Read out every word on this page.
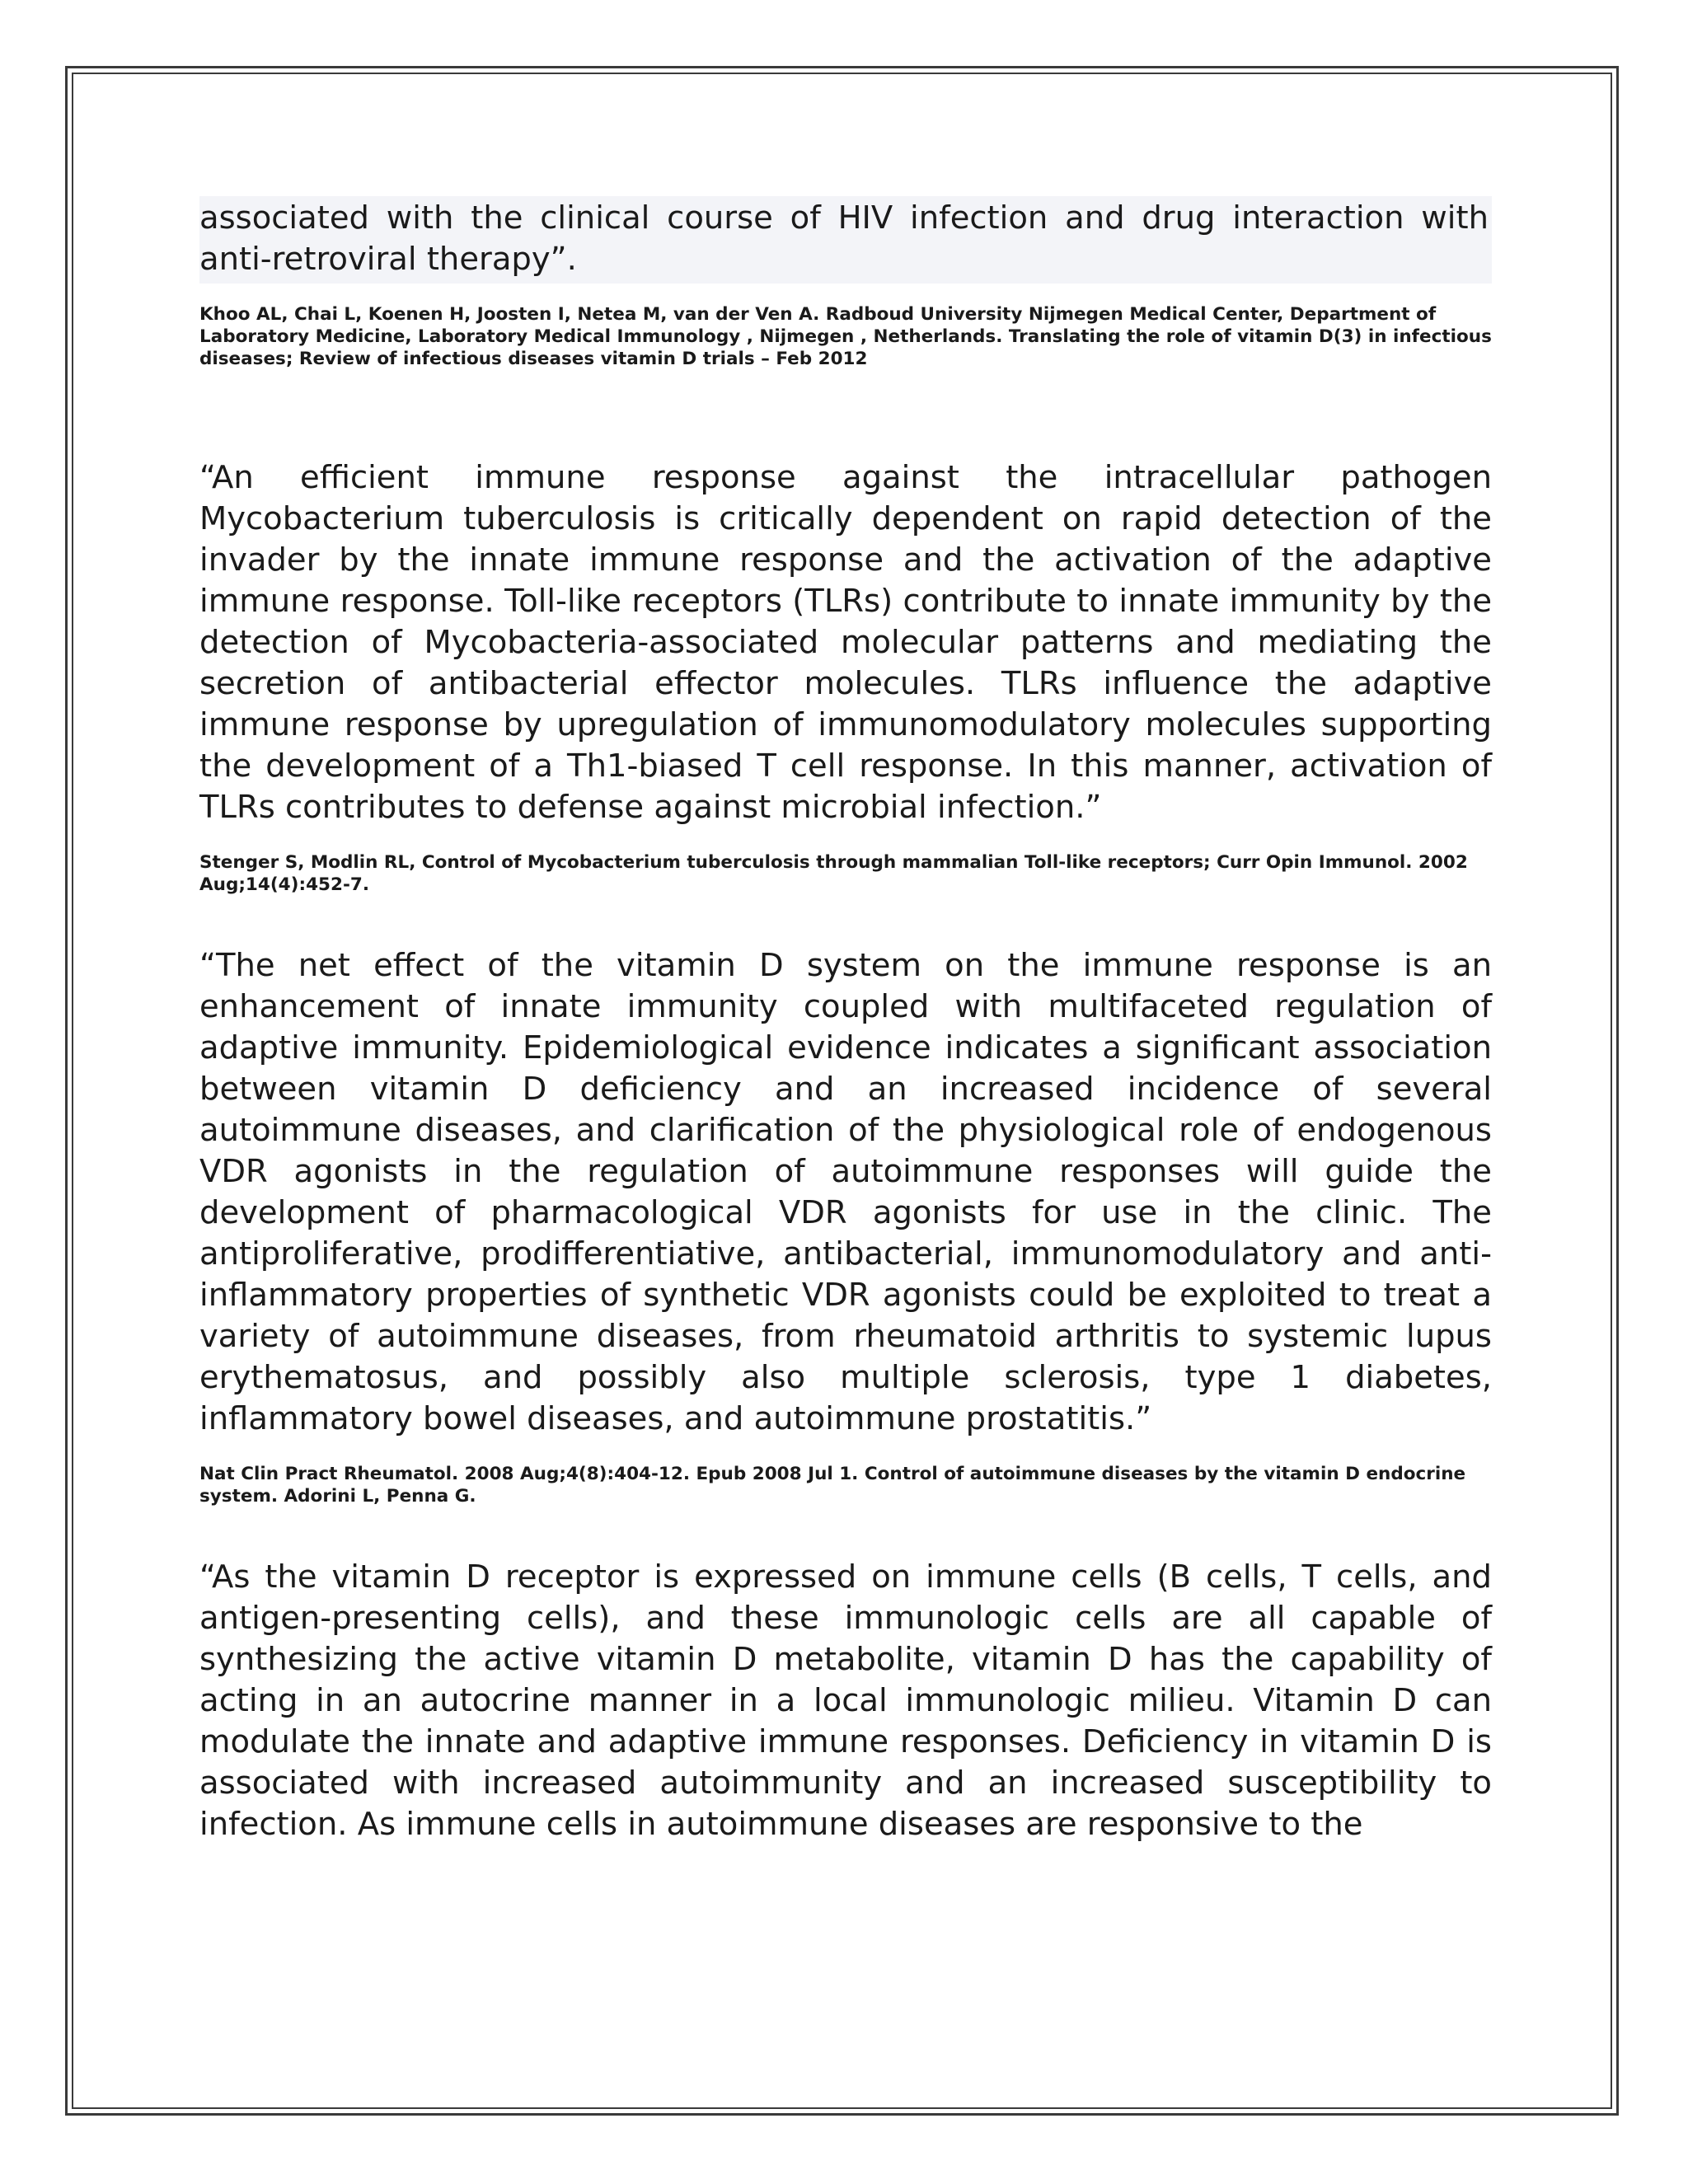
associated with the clinical course of HIV infection and drug interaction with anti-retroviral therapy”.

Khoo AL, Chai L, Koenen H, Joosten I, Netea M, van der Ven A. Radboud University Nijmegen Medical Center, Department of Laboratory Medicine, Laboratory Medical Immunology , Nijmegen , Netherlands. Translating the role of vitamin D(3) in infectious diseases; Review of infectious diseases vitamin D trials – Feb 2012

“An efficient immune response against the intracellular pathogen Mycobacterium tuberculosis is critically dependent on rapid detection of the invader by the innate immune response and the activation of the adaptive immune response. Toll-like receptors (TLRs) contribute to innate immunity by the detection of Mycobacteria-associated molecular patterns and mediating the secretion of antibacterial effector molecules. TLRs influence the adaptive immune response by upregulation of immunomodulatory molecules supporting the development of a Th1-biased T cell response. In this manner, activation of TLRs contributes to defense against microbial infection.”

Stenger S, Modlin RL, Control of Mycobacterium tuberculosis through mammalian Toll-like receptors; Curr Opin Immunol. 2002 Aug;14(4):452-7.

“The net effect of the vitamin D system on the immune response is an enhancement of innate immunity coupled with multifaceted regulation of adaptive immunity. Epidemiological evidence indicates a significant association between vitamin D deficiency and an increased incidence of several autoimmune diseases, and clarification of the physiological role of endogenous VDR agonists in the regulation of autoimmune responses will guide the development of pharmacological VDR agonists for use in the clinic. The antiproliferative, prodifferentiative, antibacterial, immunomodulatory and anti-inflammatory properties of synthetic VDR agonists could be exploited to treat a variety of autoimmune diseases, from rheumatoid arthritis to systemic lupus erythematosus, and possibly also multiple sclerosis, type 1 diabetes, inflammatory bowel diseases, and autoimmune prostatitis.”

Nat Clin Pract Rheumatol. 2008 Aug;4(8):404-12. Epub 2008 Jul 1. Control of autoimmune diseases by the vitamin D endocrine system. Adorini L, Penna G.

“As the vitamin D receptor is expressed on immune cells (B cells, T cells, and antigen-presenting cells), and these immunologic cells are all capable of synthesizing the active vitamin D metabolite, vitamin D has the capability of acting in an autocrine manner in a local immunologic milieu. Vitamin D can modulate the innate and adaptive immune responses. Deficiency in vitamin D is associated with increased autoimmunity and an increased susceptibility to infection. As immune cells in autoimmune diseases are responsive to the
